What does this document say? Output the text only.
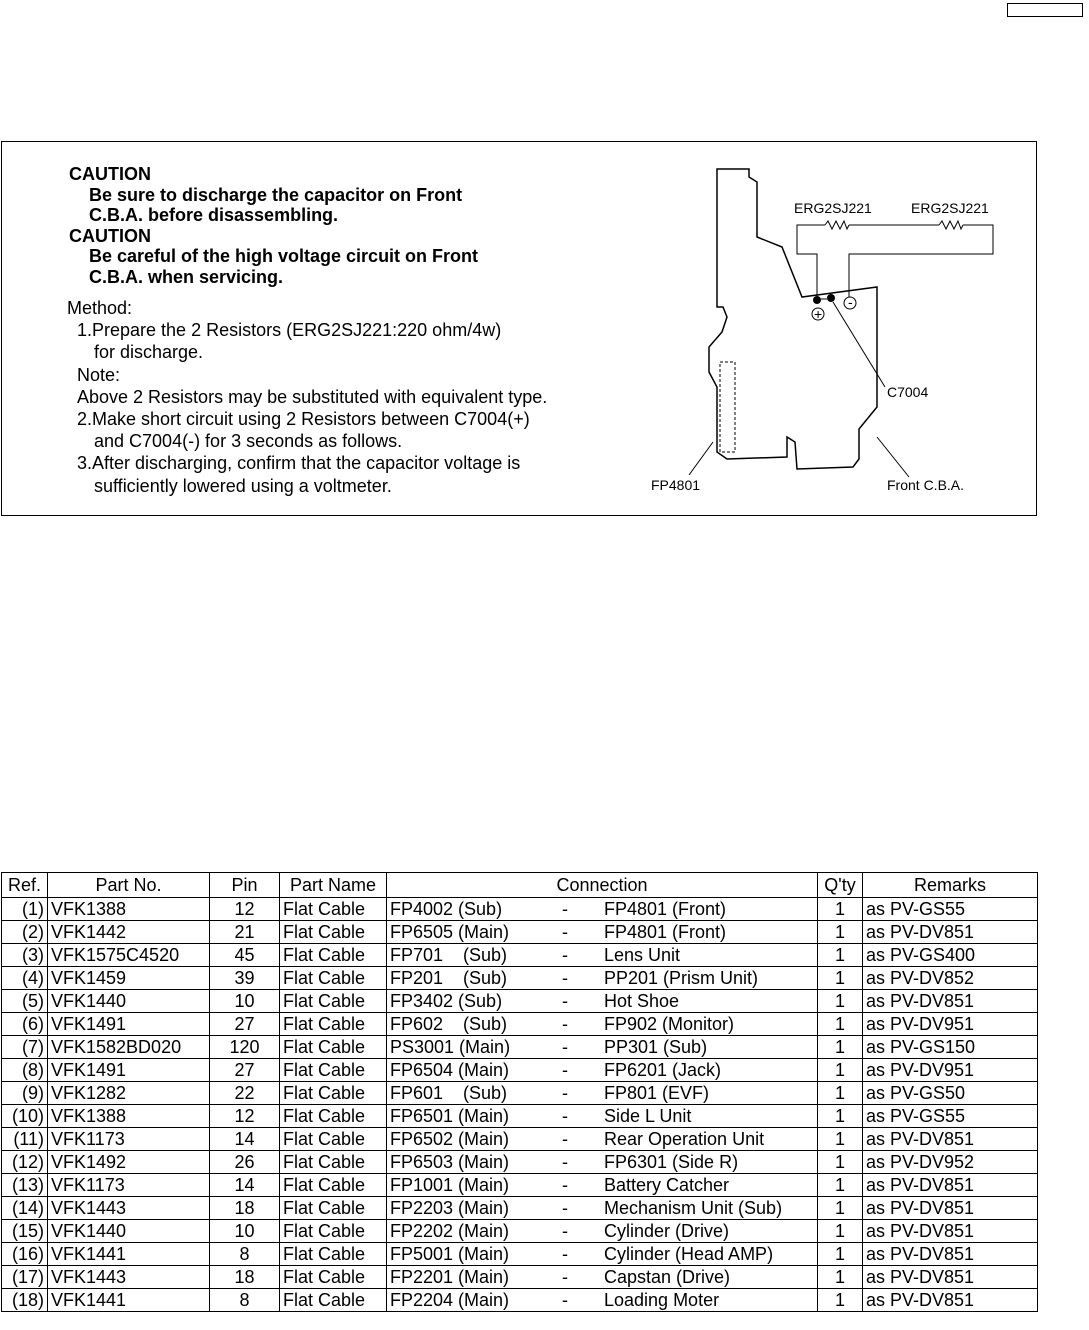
CAUTION
Be sure to discharge the capacitor on Front
C.B.A. before disassembling.
CAUTION
Be careful of the high voltage circuit on Front
C.B.A. when servicing.
Method:
1.Prepare the 2 Resistors (ERG2SJ221:220 ohm/4w)
for discharge.
Note:
Above 2 Resistors may be substituted with equivalent type.
2.Make short circuit using 2 Resistors between C7004(+)
and C7004(-) for 3 seconds as follows.
3.After discharging, confirm that the capacitor voltage is
sufficiently lowered using a voltmeter.
+
-
ERG2SJ221	ERG2SJ221
C7004
FP4801	Front C.B.A.
Ref.	Part No.	Pin	Part Name	Connection	Q'ty	Remarks
(1)	VFK1388	12	Flat Cable	FP4002 (Sub) - FP4801 (Front)	1	as PV-GS55
(2)	VFK1442	21	Flat Cable	FP6505 (Main) - FP4801 (Front)	1	as PV-DV851
(3)	VFK1575C4520	45	Flat Cable	FP701    (Sub) - Lens Unit	1	as PV-GS400
(4)	VFK1459	39	Flat Cable	FP201    (Sub) - PP201 (Prism Unit)	1	as PV-DV852
(5)	VFK1440	10	Flat Cable	FP3402 (Sub) - Hot Shoe	1	as PV-DV851
(6)	VFK1491	27	Flat Cable	FP602    (Sub) - FP902 (Monitor)	1	as PV-DV951
(7)	VFK1582BD020	120	Flat Cable	PS3001 (Main) - PP301 (Sub)	1	as PV-GS150
(8)	VFK1491	27	Flat Cable	FP6504 (Main) - FP6201 (Jack)	1	as PV-DV951
(9)	VFK1282	22	Flat Cable	FP601    (Sub) - FP801 (EVF)	1	as PV-GS50
(10)	VFK1388	12	Flat Cable	FP6501 (Main) - Side L Unit	1	as PV-GS55
(11)	VFK1173	14	Flat Cable	FP6502 (Main) - Rear Operation Unit	1	as PV-DV851
(12)	VFK1492	26	Flat Cable	FP6503 (Main) - FP6301 (Side R)	1	as PV-DV952
(13)	VFK1173	14	Flat Cable	FP1001 (Main) - Battery Catcher	1	as PV-DV851
(14)	VFK1443	18	Flat Cable	FP2203 (Main) - Mechanism Unit (Sub)	1	as PV-DV851
(15)	VFK1440	10	Flat Cable	FP2202 (Main) - Cylinder (Drive)	1	as PV-DV851
(16)	VFK1441	8	Flat Cable	FP5001 (Main) - Cylinder (Head AMP)	1	as PV-DV851
(17)	VFK1443	18	Flat Cable	FP2201 (Main) - Capstan (Drive)	1	as PV-DV851
(18)	VFK1441	8	Flat Cable	FP2204 (Main) - Loading Moter	1	as PV-DV851
